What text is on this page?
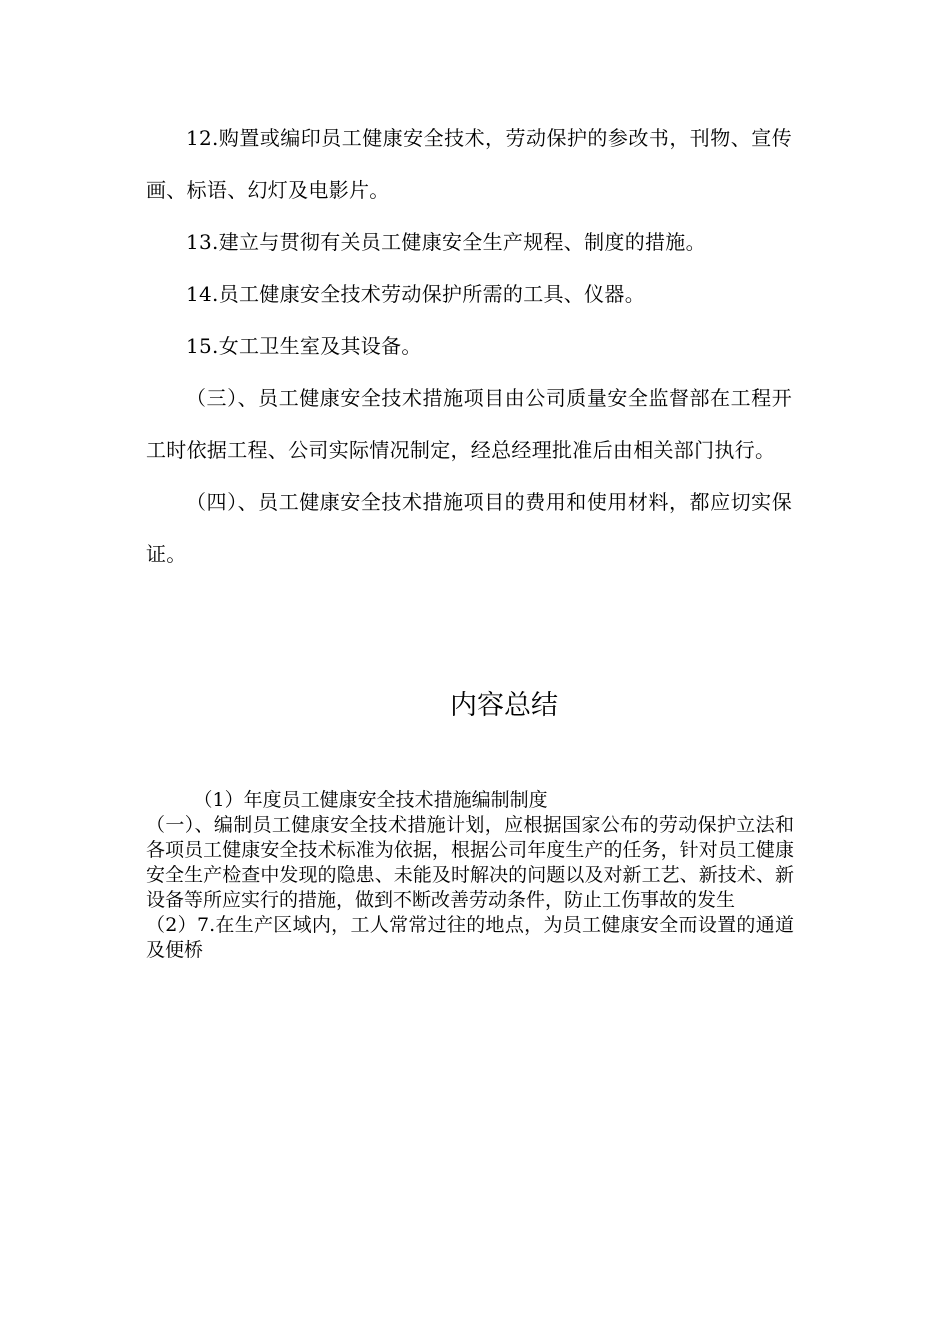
12.购置或编印员工健康安全技术，劳动保护的参改书，刊物、宣传画、标语、幻灯及电影片。

13.建立与贯彻有关员工健康安全生产规程、制度的措施。

14.员工健康安全技术劳动保护所需的工具、仪器。

15.女工卫生室及其设备。

（三）、员工健康安全技术措施项目由公司质量安全监督部在工程开工时依据工程、公司实际情况制定，经总经理批准后由相关部门执行。

（四）、员工健康安全技术措施项目的费用和使用材料，都应切实保证。

内容总结

（1）年度员工健康安全技术措施编制制度

（一）、编制员工健康安全技术措施计划，应根据国家公布的劳动保护立法和各项员工健康安全技术标准为依据，根据公司年度生产的任务，针对员工健康安全生产检查中发现的隐患、未能及时解决的问题以及对新工艺、新技术、新设备等所应实行的措施，做到不断改善劳动条件，防止工伤事故的发生

（2）7.在生产区域内，工人常常过往的地点，为员工健康安全而设置的通道及便桥
